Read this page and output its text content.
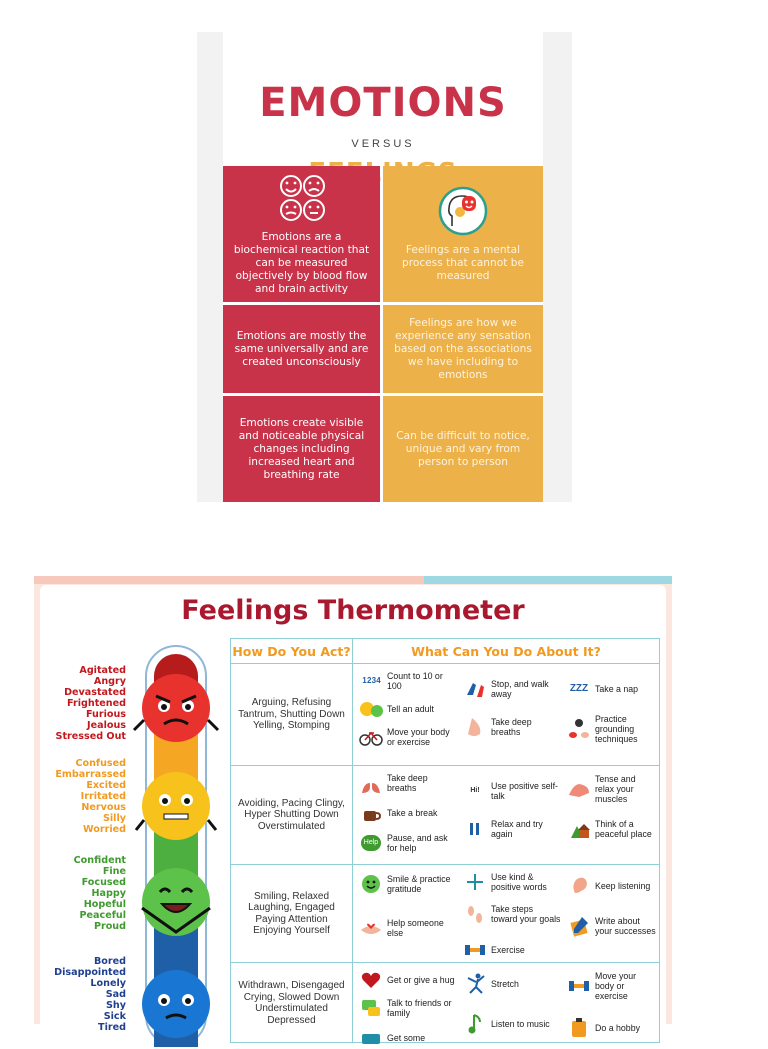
EMOTIONS
VERSUS
Emotions are a biochemical reaction that can be measured objectively by blood flow and brain activity
Feelings are a mental process that cannot be measured
Emotions are mostly the same universally and are created unconsciously
Feelings are how we experience any sensation based on the associations we have including to emotions
Emotions create visible and noticeable physical changes including increased heart and breathing rate
Can be difficult to notice, unique and vary from person to person
Feelings Thermometer
Agitated
Angry
Devastated
Frightened
Furious
Jealous
Stressed Out
Confused
Embarrassed
Excited
Irritated
Nervous
Silly
Worried
Confident
Fine
Focused
Happy
Hopeful
Peaceful
Proud
Bored
Disappointed
Lonely
Sad
Shy
Sick
Tired
How Do You Act?	What Can You Do About It?
Arguing, Refusing Tantrum, Shutting Down Yelling, Stomping
1 2 3 4 Count to 10 or 100
Tell an adult
Move your body or exercise
Stop, and walk away
Take deep breaths
ZZZ Take a nap
Practice grounding techniques
Avoiding, Pacing Clingy, Hyper Shutting Down Overstimulated
Take deep breaths
Take a break
Help Pause, and ask for help
Hi! Use positive self-talk
Relax and try again
Tense and relax your muscles
Think of a peaceful place
Smiling, Relaxed Laughing, Engaged Paying Attention Enjoying Yourself
Smile & practice gratitude
Help someone else
Use kind & positive words
Take steps toward your goals
Exercise
Keep listening
Write about your successes
Withdrawn, Disengaged Crying, Slowed Down Understimulated Depressed
Get or give a hug
Talk to friends or family
Get some
Stretch
Listen to music
Move your body or exercise
Do a hobby
